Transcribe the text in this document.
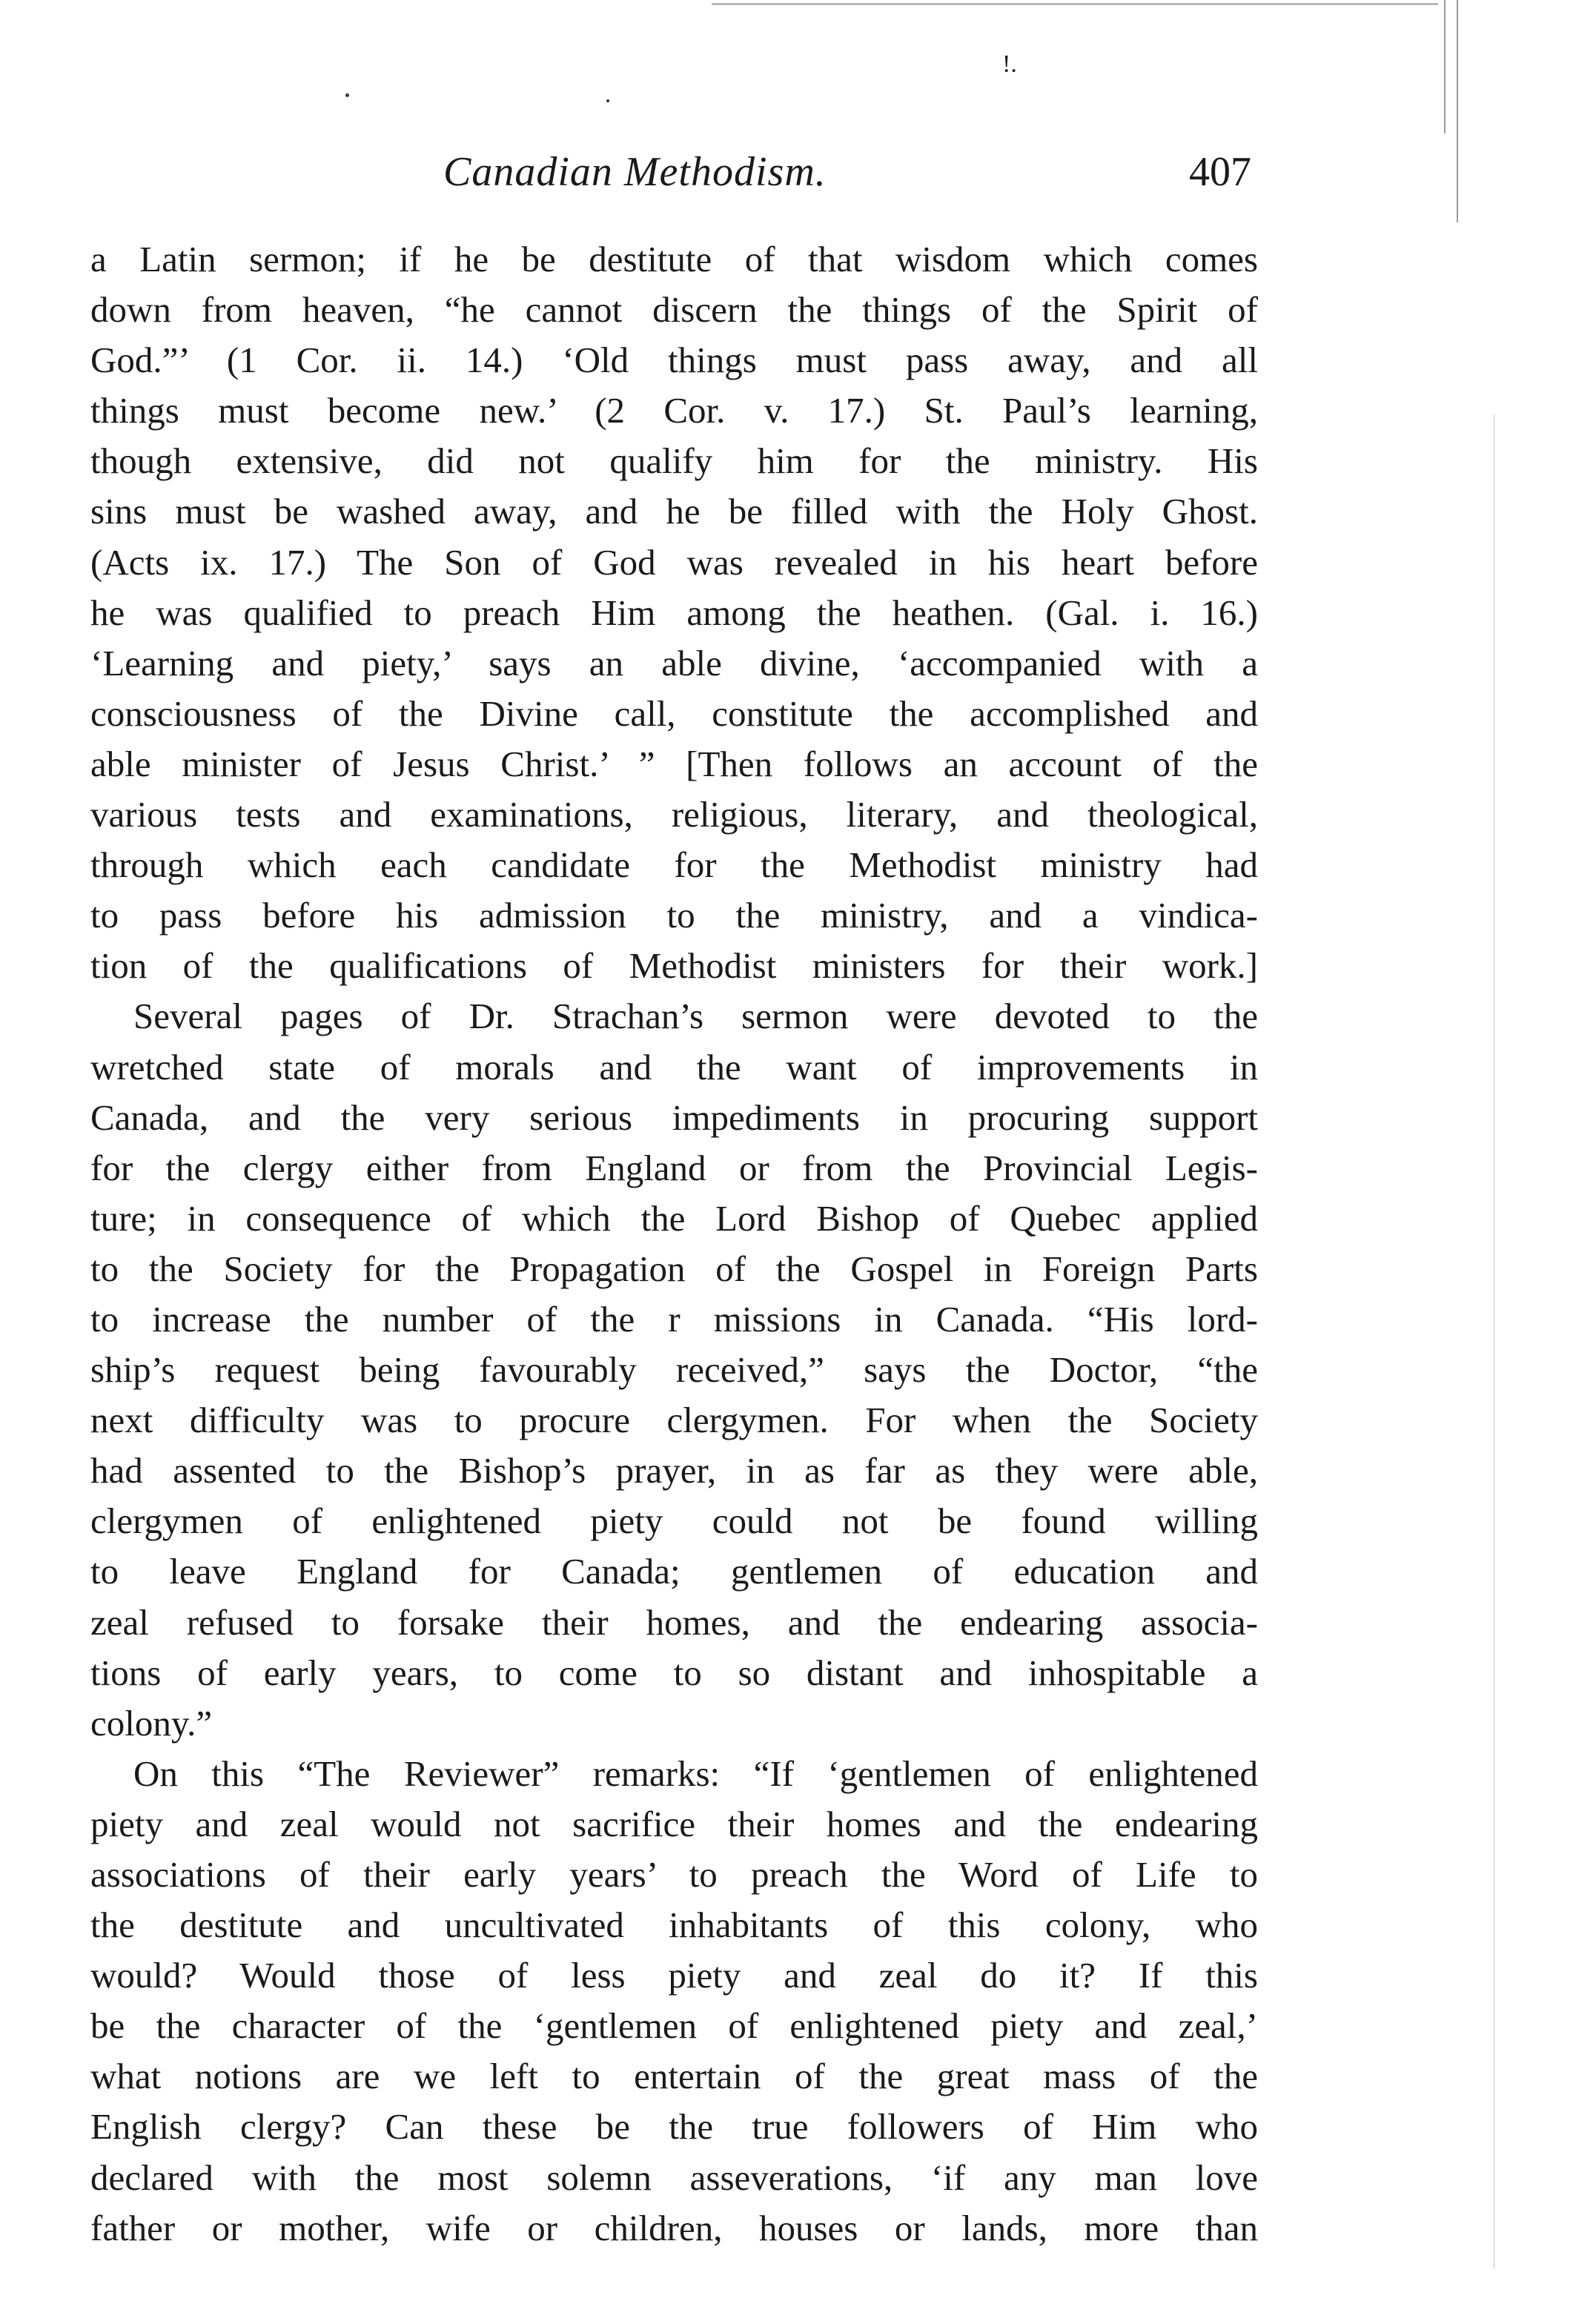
!.
Canadian Methodism.	407
a Latin sermon; if he be destitute of that wisdom which comes
down from heaven, “he cannot discern the things of the Spirit of
God.”’ (1 Cor. ii. 14.) ‘Old things must pass away, and all
things must become new.’ (2 Cor. v. 17.) St. Paul’s learning,
though extensive, did not qualify him for the ministry. His
sins must be washed away, and he be filled with the Holy Ghost.
(Acts ix. 17.) The Son of God was revealed in his heart before
he was qualified to preach Him among the heathen. (Gal. i. 16.)
‘Learning and piety,’ says an able divine, ‘accompanied with a
consciousness of the Divine call, constitute the accomplished and
able minister of Jesus Christ.’ ” [Then follows an account of the
various tests and examinations, religious, literary, and theological,
through which each candidate for the Methodist ministry had
to pass before his admission to the ministry, and a vindica-
tion of the qualifications of Methodist ministers for their work.]
Several pages of Dr. Strachan’s sermon were devoted to the
wretched state of morals and the want of improvements in
Canada, and the very serious impediments in procuring support
for the clergy either from England or from the Provincial Legis-
ture; in consequence of which the Lord Bishop of Quebec applied
to the Society for the Propagation of the Gospel in Foreign Parts
to increase the number of the r missions in Canada. “His lord-
ship’s request being favourably received,” says the Doctor, “the
next difficulty was to procure clergymen. For when the Society
had assented to the Bishop’s prayer, in as far as they were able,
clergymen of enlightened piety could not be found willing
to leave England for Canada; gentlemen of education and
zeal refused to forsake their homes, and the endearing associa-
tions of early years, to come to so distant and inhospitable a
colony.”
On this “The Reviewer” remarks: “If ‘gentlemen of enlightened
piety and zeal would not sacrifice their homes and the endearing
associations of their early years’ to preach the Word of Life to
the destitute and uncultivated inhabitants of this colony, who
would? Would those of less piety and zeal do it? If this
be the character of the ‘gentlemen of enlightened piety and zeal,’
what notions are we left to entertain of the great mass of the
English clergy? Can these be the true followers of Him who
declared with the most solemn asseverations, ‘if any man love
father or mother, wife or children, houses or lands, more than
